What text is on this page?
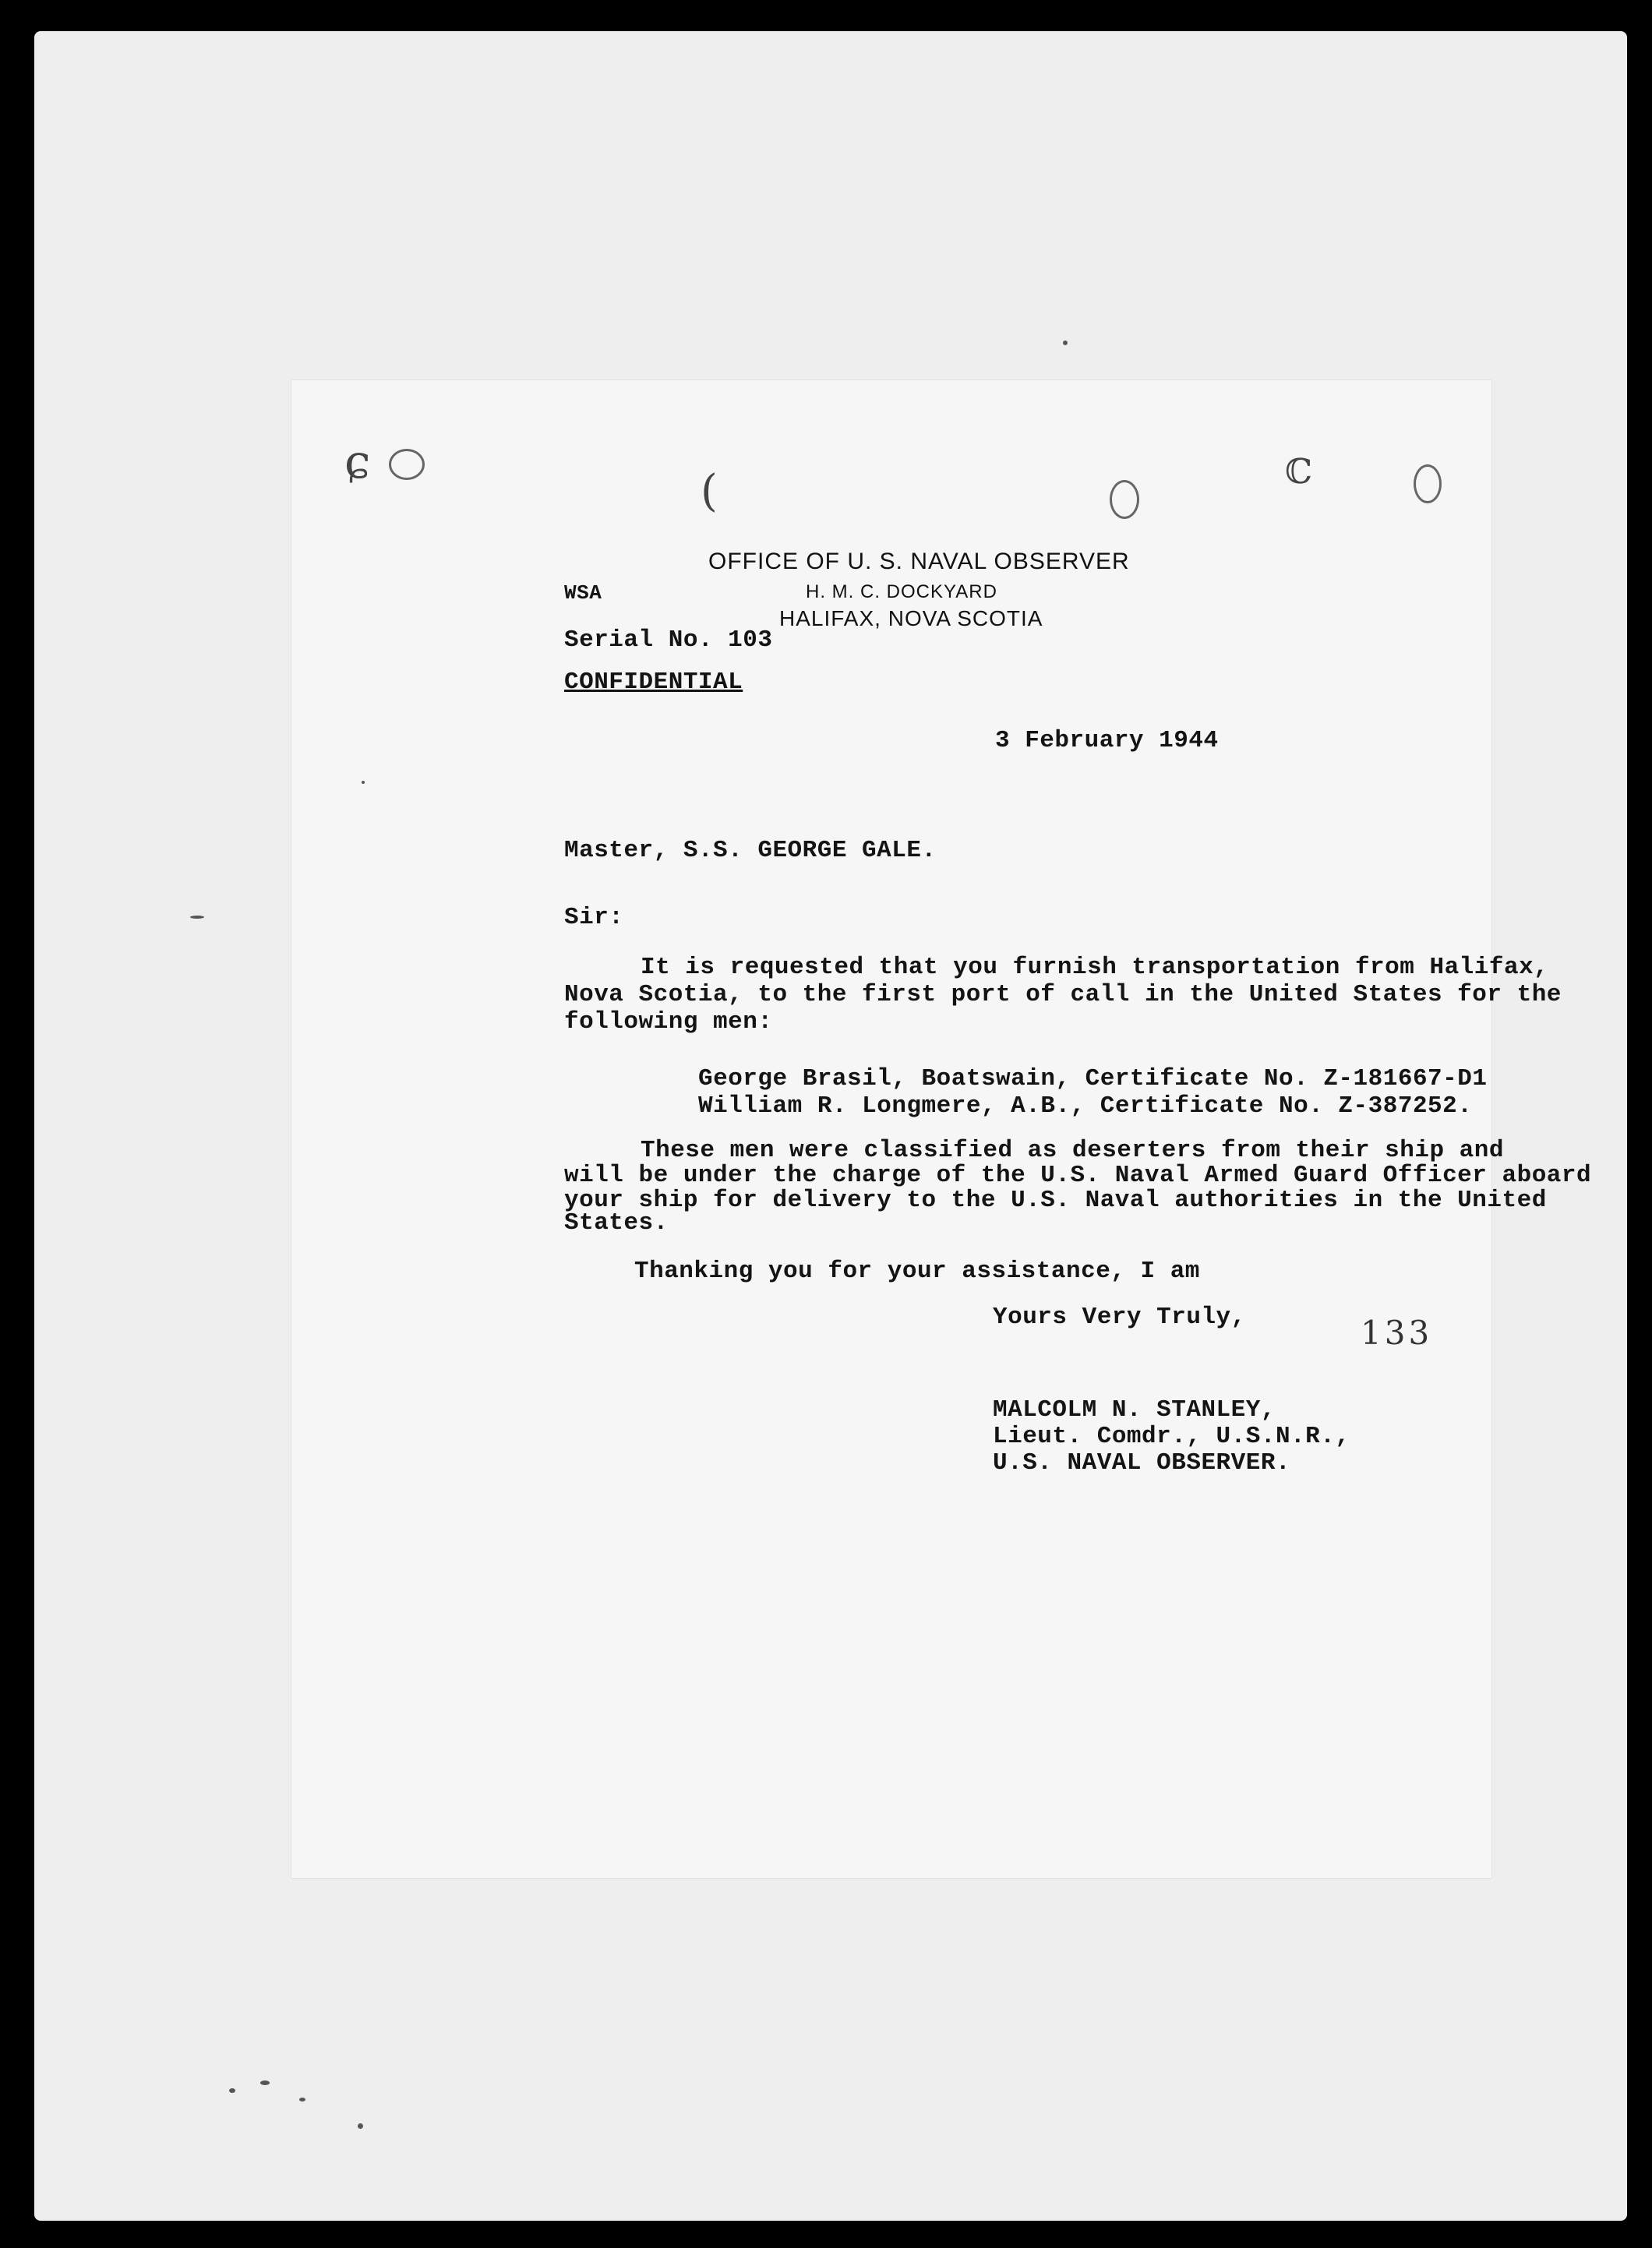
ɕ
(	ℂ
OFFICE OF U. S. NAVAL OBSERVER
H. M. C. DOCKYARD
HALIFAX, NOVA SCOTIA
WSA
Serial No. 103
CONFIDENTIAL
3 February 1944
Master, S.S. GEORGE GALE.
Sir:
It is requested that you furnish transportation from Halifax,
Nova Scotia, to the first port of call in the United States for the
following men:
George Brasil, Boatswain, Certificate No. Z-181667-D1
William R. Longmere, A.B., Certificate No. Z-387252.
These men were classified as deserters from their ship and
will be under the charge of the U.S. Naval Armed Guard Officer aboard
your ship for delivery to the U.S. Naval authorities in the United
States.
Thanking you for your assistance, I am
Yours Very Truly,	133
MALCOLM N. STANLEY,
Lieut. Comdr., U.S.N.R.,
U.S. NAVAL OBSERVER.
